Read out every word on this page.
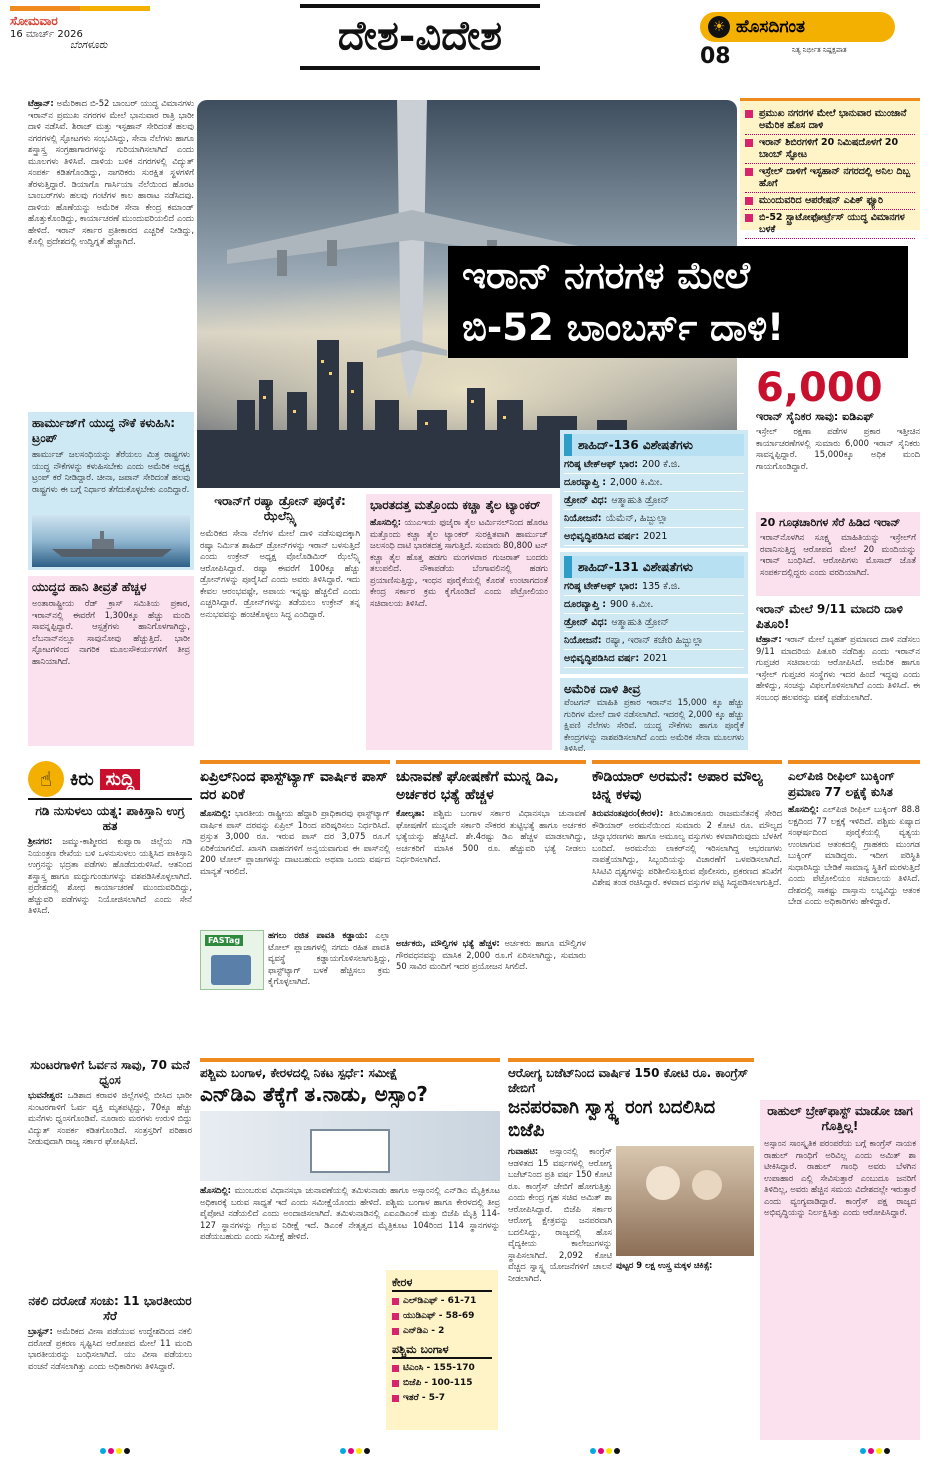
ಸೋಮವಾರ
16 ಮಾರ್ಚ್ 2026
ಬೆಂಗಳೂರು	ದೇಶ-ವಿದೇಶ	☀ ಹೊಸದಿಗಂತ
ನಿತ್ಯ ನಿರ್ಭೀತ ನಿಷ್ಪಕ್ಷಪಾತ
08
ಟೆಹ್ರಾನ್: ಅಮೆರಿಕಾದ ಬಿ-52 ಬಾಂಬರ್ ಯುದ್ಧ ವಿಮಾನಗಳು ಇರಾನ್‌ನ ಪ್ರಮುಖ ನಗರಗಳ ಮೇಲೆ ಭಾನುವಾರ ರಾತ್ರಿ ಭಾರೀ ದಾಳಿ ನಡೆಸಿವೆ. ಶಿರಾಜ್ ಮತ್ತು ಇಸ್ಫಹಾನ್ ಸೇರಿದಂತೆ ಹಲವು ನಗರಗಳಲ್ಲಿ ಸ್ಫೋಟಗಳು ಸಂಭವಿಸಿದ್ದು, ಸೇನಾ ನೆಲೆಗಳು ಹಾಗೂ ಶಸ್ತ್ರಾಸ್ತ್ರ ಸಂಗ್ರಹಾಗಾರಗಳನ್ನು ಗುರಿಯಾಗಿಸಲಾಗಿದೆ ಎಂದು ಮೂಲಗಳು ತಿಳಿಸಿವೆ. ದಾಳಿಯ ಬಳಿಕ ನಗರಗಳಲ್ಲಿ ವಿದ್ಯುತ್ ಸಂಪರ್ಕ ಕಡಿತಗೊಂಡಿದ್ದು, ನಾಗರಿಕರು ಸುರಕ್ಷಿತ ಸ್ಥಳಗಳಿಗೆ ತೆರಳುತ್ತಿದ್ದಾರೆ. ಡಿಯಾಗೊ ಗಾರ್ಸಿಯಾ ನೆಲೆಯಿಂದ ಹೊರಟ ಬಾಂಬರ್‌ಗಳು ಹಲವು ಗಂಟೆಗಳ ಕಾಲ ಹಾರಾಟ ನಡೆಸಿದವು. ದಾಳಿಯ ಹೊಣೆಯನ್ನು ಅಮೆರಿಕ ಸೇನಾ ಕೇಂದ್ರ ಕಮಾಂಡ್ ಹೊತ್ತುಕೊಂಡಿದ್ದು, ಕಾರ್ಯಾಚರಣೆ ಮುಂದುವರಿಯಲಿದೆ ಎಂದು ಹೇಳಿದೆ. ಇರಾನ್ ಸರ್ಕಾರ ಪ್ರತೀಕಾರದ ಎಚ್ಚರಿಕೆ ನೀಡಿದ್ದು, ಕೊಲ್ಲಿ ಪ್ರದೇಶದಲ್ಲಿ ಉದ್ವಿಗ್ನತೆ ಹೆಚ್ಚಾಗಿದೆ.
ಹಾರ್ಮುಜ್‌ಗೆ ಯುದ್ಧ ನೌಕೆ ಕಳುಹಿಸಿ: ಟ್ರಂಪ್
ಹಾರ್ಮುಜ್ ಜಲಸಂಧಿಯನ್ನು ತೆರೆಯಲು ಮಿತ್ರ ರಾಷ್ಟ್ರಗಳು ಯುದ್ಧ ನೌಕೆಗಳನ್ನು ಕಳುಹಿಸಬೇಕು ಎಂದು ಅಮೆರಿಕ ಅಧ್ಯಕ್ಷ ಟ್ರಂಪ್ ಕರೆ ನೀಡಿದ್ದಾರೆ. ಚೀನಾ, ಜಪಾನ್ ಸೇರಿದಂತೆ ಹಲವು ರಾಷ್ಟ್ರಗಳು ಈ ಬಗ್ಗೆ ನಿರ್ಧಾರ ತೆಗೆದುಕೊಳ್ಳಬೇಕು ಎಂದಿದ್ದಾರೆ.
ಯುದ್ಧದ ಹಾನಿ ತೀವ್ರತೆ ಹೆಚ್ಚಳ
ಅಂತಾರಾಷ್ಟ್ರೀಯ ರೆಡ್ ಕ್ರಾಸ್ ಸಮಿತಿಯ ಪ್ರಕಾರ, ಇರಾನ್‌ನಲ್ಲಿ ಈವರೆಗೆ 1,300ಕ್ಕೂ ಹೆಚ್ಚು ಮಂದಿ ಸಾವನ್ನಪ್ಪಿದ್ದಾರೆ. ಆಸ್ಪತ್ರೆಗಳು ಹಾನಿಗೊಳಗಾಗಿದ್ದು, ಲೆಬನಾನ್‌ನಲ್ಲೂ ಸಾವುನೋವು ಹೆಚ್ಚುತ್ತಿದೆ. ಭಾರೀ ಸ್ಫೋಟಗಳಿಂದ ನಾಗರಿಕ ಮೂಲಸೌಕರ್ಯಗಳಿಗೆ ತೀವ್ರ ಹಾನಿಯಾಗಿದೆ.
ಇರಾನ್ ನಗರಗಳ ಮೇಲೆ
ಬಿ-52 ಬಾಂಬರ್ಸ್ ದಾಳಿ!
ಪ್ರಮುಖ ನಗರಗಳ ಮೇಲೆ ಭಾನುವಾರ ಮುಂಜಾನೆ ಅಮೆರಿಕ ಹೊಸ ದಾಳಿ
ಇರಾನ್ ಶಿಬಿರಗಳಿಗೆ 20 ನಿಮಿಷದೊಳಗೆ 20 ಬಾಂಬ್ ಸ್ಫೋಟ
ಇಸ್ರೇಲ್ ದಾಳಿಗೆ ಇಸ್ಫಹಾನ್ ನಗರದಲ್ಲಿ ಅನಿಲ ದಿಬ್ಬ ಹೊಗೆ
ಮುಂದುವರಿದ ಆಪರೇಷನ್ ಎಪಿಕ್ ಫ್ಯೂರಿ
ಬಿ-52 ಸ್ಟ್ರಾಟೋಫೋರ್ಟ್ರೆಸ್ ಯುದ್ಧ ವಿಮಾನಗಳ ಬಳಕೆ
6,000
ಇರಾನ್ ಸೈನಿಕರ ಸಾವು: ಐಡಿಎಫ್
ಇಸ್ರೇಲ್ ರಕ್ಷಣಾ ಪಡೆಗಳ ಪ್ರಕಾರ ಇತ್ತೀಚಿನ ಕಾರ್ಯಾಚರಣೆಗಳಲ್ಲಿ ಸುಮಾರು 6,000 ಇರಾನ್ ಸೈನಿಕರು ಸಾವನ್ನಪ್ಪಿದ್ದಾರೆ. 15,000ಕ್ಕೂ ಅಧಿಕ ಮಂದಿ ಗಾಯಗೊಂಡಿದ್ದಾರೆ.
20 ಗೂಢಚಾರಿಗಳ ಸೆರೆ ಹಿಡಿದ ಇರಾನ್
ಇರಾನ್‌ನೊಳಗಿನ ಸೂಕ್ಷ್ಮ ಮಾಹಿತಿಯನ್ನು ಇಸ್ರೇಲ್‌ಗೆ ರವಾನಿಸುತ್ತಿದ್ದ ಆರೋಪದ ಮೇಲೆ 20 ಮಂದಿಯನ್ನು ಇರಾನ್ ಬಂಧಿಸಿದೆ. ಆರೋಪಿಗಳು ಮೊಸಾದ್ ಜೊತೆ ಸಂಪರ್ಕದಲ್ಲಿದ್ದರು ಎಂದು ವರದಿಯಾಗಿದೆ.
ಇರಾನ್ ಮೇಲೆ 9/11 ಮಾದರಿ ದಾಳಿ ಪಿತೂರಿ!
ಟೆಹ್ರಾನ್: ಇರಾನ್ ಮೇಲೆ ಬೃಹತ್ ಪ್ರಮಾಣದ ದಾಳಿ ನಡೆಸಲು 9/11 ಮಾದರಿಯ ಪಿತೂರಿ ನಡೆದಿತ್ತು ಎಂದು ಇರಾನ್‌ನ ಗುಪ್ತಚರ ಸಚಿವಾಲಯ ಆರೋಪಿಸಿದೆ. ಅಮೆರಿಕ ಹಾಗೂ ಇಸ್ರೇಲ್ ಗುಪ್ತಚರ ಸಂಸ್ಥೆಗಳು ಇದರ ಹಿಂದೆ ಇದ್ದವು ಎಂದು ಹೇಳಿದ್ದು, ಸಂಚನ್ನು ವಿಫಲಗೊಳಿಸಲಾಗಿದೆ ಎಂದು ತಿಳಿಸಿದೆ. ಈ ಸಂಬಂಧ ಹಲವರನ್ನು ವಶಕ್ಕೆ ಪಡೆಯಲಾಗಿದೆ.
ಇರಾನ್‌ಗೆ ರಷ್ಯಾ ಡ್ರೋನ್ ಪೂರೈಕೆ: ಝೆಲೆನ್ಸ್ಕಿ
ಅಮೆರಿಕದ ಸೇನಾ ನೆಲೆಗಳ ಮೇಲೆ ದಾಳಿ ನಡೆಸುವುದಕ್ಕಾಗಿ ರಷ್ಯಾ ನಿರ್ಮಿತ ಶಾಹಿದ್ ಡ್ರೋನ್‌ಗಳನ್ನು ಇರಾನ್ ಬಳಸುತ್ತಿದೆ ಎಂದು ಉಕ್ರೇನ್ ಅಧ್ಯಕ್ಷ ವೊಲೊಡಿಮಿರ್ ಝೆಲೆನ್ಸ್ಕಿ ಆರೋಪಿಸಿದ್ದಾರೆ. ರಷ್ಯಾ ಈವರೆಗೆ 100ಕ್ಕೂ ಹೆಚ್ಚು ಡ್ರೋನ್‌ಗಳನ್ನು ಪೂರೈಸಿದೆ ಎಂದು ಅವರು ತಿಳಿಸಿದ್ದಾರೆ. ಇದು ಕೇವಲ ಆರಂಭವಷ್ಟೇ, ಅಪಾಯ ಇನ್ನಷ್ಟು ಹೆಚ್ಚಲಿದೆ ಎಂದು ಎಚ್ಚರಿಸಿದ್ದಾರೆ. ಡ್ರೋನ್‌ಗಳನ್ನು ತಡೆಯಲು ಉಕ್ರೇನ್ ತನ್ನ ಅನುಭವವನ್ನು ಹಂಚಿಕೊಳ್ಳಲು ಸಿದ್ಧ ಎಂದಿದ್ದಾರೆ.
ಭಾರತದತ್ತ ಮತ್ತೊಂದು ಕಚ್ಚಾ ತೈಲ ಟ್ಯಾಂಕರ್
ಹೊಸದಿಲ್ಲಿ: ಯುಎಇಯ ಫುಜೈರಾ ತೈಲ ಟರ್ಮಿನಲ್‌ನಿಂದ ಹೊರಟ ಮತ್ತೊಂದು ಕಚ್ಚಾ ತೈಲ ಟ್ಯಾಂಕರ್ ಸುರಕ್ಷಿತವಾಗಿ ಹಾರ್ಮುಜ್ ಜಲಸಂಧಿ ದಾಟಿ ಭಾರತದತ್ತ ಸಾಗುತ್ತಿದೆ. ಸುಮಾರು 80,800 ಟನ್ ಕಚ್ಚಾ ತೈಲ ಹೊತ್ತ ಹಡಗು ಮಂಗಳವಾರ ಗುಜರಾತ್ ಬಂದರು ತಲುಪಲಿದೆ. ನೌಕಾಪಡೆಯ ಬೆಂಗಾವಲಿನಲ್ಲಿ ಹಡಗು ಪ್ರಯಾಣಿಸುತ್ತಿದ್ದು, ಇಂಧನ ಪೂರೈಕೆಯಲ್ಲಿ ಕೊರತೆ ಉಂಟಾಗದಂತೆ ಕೇಂದ್ರ ಸರ್ಕಾರ ಕ್ರಮ ಕೈಗೊಂಡಿದೆ ಎಂದು ಪೆಟ್ರೋಲಿಯಂ ಸಚಿವಾಲಯ ತಿಳಿಸಿದೆ.
ಶಾಹಿದ್-136 ವಿಶೇಷತೆಗಳು
ಗರಿಷ್ಠ ಟೇಕ್‌ಆಫ್ ಭಾರ: 200 ಕೆ.ಜಿ.
ದೂರವ್ಯಾಪ್ತಿ : 2,000 ಕಿ.ಮೀ.
ಡ್ರೋನ್ ವಿಧ: ಆತ್ಮಾಹುತಿ ಡ್ರೋನ್
ನಿಯೋಜನೆ: ಯೆಮೆನ್, ಹಿಜ್ಬುಲ್ಲಾ
ಅಭಿವೃದ್ಧಿಪಡಿಸಿದ ವರ್ಷ: 2021
ಶಾಹಿದ್-131 ವಿಶೇಷತೆಗಳು
ಗರಿಷ್ಠ ಟೇಕ್‌ಆಫ್ ಭಾರ: 135 ಕೆ.ಜಿ.
ದೂರವ್ಯಾಪ್ತಿ : 900 ಕಿ.ಮೀ.
ಡ್ರೋನ್ ವಿಧ: ಆತ್ಮಾಹುತಿ ಡ್ರೋನ್
ನಿಯೋಜನೆ: ರಷ್ಯಾ, ಇರಾನ್ ಕಚೇರಿ ಹಿಜ್ಬುಲ್ಲಾ
ಅಭಿವೃದ್ಧಿಪಡಿಸಿದ ವರ್ಷ: 2021
ಅಮೆರಿಕ ದಾಳಿ ತೀವ್ರ
ಪೆಂಟಗನ್ ಮಾಹಿತಿ ಪ್ರಕಾರ ಇರಾನ್‌ನ 15,000 ಕ್ಕೂ ಹೆಚ್ಚು ಗುರಿಗಳ ಮೇಲೆ ದಾಳಿ ನಡೆಸಲಾಗಿದೆ. ಇದರಲ್ಲಿ 2,000 ಕ್ಕೂ ಹೆಚ್ಚು ಕ್ಷಿಪಣಿ ನೆಲೆಗಳು ಸೇರಿವೆ. ಯುದ್ಧ ನೌಕೆಗಳು ಹಾಗೂ ಪೂರೈಕೆ ಕೇಂದ್ರಗಳನ್ನು ನಾಶಪಡಿಸಲಾಗಿದೆ ಎಂದು ಅಮೆರಿಕ ಸೇನಾ ಮೂಲಗಳು ತಿಳಿಸಿವೆ.
☝ ಕಿರು ಸುದ್ದಿ
ಗಡಿ ನುಸುಳಲು ಯತ್ನ: ಪಾಕಿಸ್ತಾನಿ ಉಗ್ರ ಹತ
ಶ್ರೀನಗರ: ಜಮ್ಮು-ಕಾಶ್ಮೀರದ ಕುಪ್ವಾರಾ ಜಿಲ್ಲೆಯ ಗಡಿ ನಿಯಂತ್ರಣ ರೇಖೆಯ ಬಳಿ ಒಳನುಸುಳಲು ಯತ್ನಿಸಿದ ಪಾಕಿಸ್ತಾನಿ ಉಗ್ರನನ್ನು ಭದ್ರತಾ ಪಡೆಗಳು ಹೊಡೆದುರುಳಿಸಿವೆ. ಆತನಿಂದ ಶಸ್ತ್ರಾಸ್ತ್ರ ಹಾಗೂ ಮದ್ದುಗುಂಡುಗಳನ್ನು ವಶಪಡಿಸಿಕೊಳ್ಳಲಾಗಿದೆ. ಪ್ರದೇಶದಲ್ಲಿ ಶೋಧ ಕಾರ್ಯಾಚರಣೆ ಮುಂದುವರಿದಿದ್ದು, ಹೆಚ್ಚುವರಿ ಪಡೆಗಳನ್ನು ನಿಯೋಜಿಸಲಾಗಿದೆ ಎಂದು ಸೇನೆ ತಿಳಿಸಿದೆ.
ಸುಂಟರಗಾಳಿಗೆ ಓರ್ವನ ಸಾವು, 70 ಮನೆ ಧ್ವಂಸ
ಭುವನೇಶ್ವರ: ಒಡಿಶಾದ ಕರಾವಳಿ ಜಿಲ್ಲೆಗಳಲ್ಲಿ ಬೀಸಿದ ಭಾರೀ ಸುಂಟರಗಾಳಿಗೆ ಓರ್ವ ವ್ಯಕ್ತಿ ಮೃತಪಟ್ಟಿದ್ದು, 70ಕ್ಕೂ ಹೆಚ್ಚು ಮನೆಗಳು ಧ್ವಂಸಗೊಂಡಿವೆ. ನೂರಾರು ಮರಗಳು ಉರುಳಿ ಬಿದ್ದು ವಿದ್ಯುತ್ ಸಂಪರ್ಕ ಕಡಿತಗೊಂಡಿದೆ. ಸಂತ್ರಸ್ತರಿಗೆ ಪರಿಹಾರ ನೀಡುವುದಾಗಿ ರಾಜ್ಯ ಸರ್ಕಾರ ಘೋಷಿಸಿದೆ.
ನಕಲಿ ದರೋಡೆ ಸಂಚು: 11 ಭಾರತೀಯರ ಸೆರೆ
ಬ್ರಾಸ್ಟನ್: ಅಮೆರಿಕದ ವೀಸಾ ಪಡೆಯುವ ಉದ್ದೇಶದಿಂದ ನಕಲಿ ದರೋಡೆ ಪ್ರಕರಣ ಸೃಷ್ಟಿಸಿದ ಆರೋಪದ ಮೇಲೆ 11 ಮಂದಿ ಭಾರತೀಯರನ್ನು ಬಂಧಿಸಲಾಗಿದೆ. ಯು ವೀಸಾ ಪಡೆಯಲು ವಂಚನೆ ನಡೆಸಲಾಗಿತ್ತು ಎಂದು ಅಧಿಕಾರಿಗಳು ತಿಳಿಸಿದ್ದಾರೆ.
ಏಪ್ರಿಲ್‌ನಿಂದ ಫಾಸ್ಟ್‌ಟ್ಯಾಗ್ ವಾರ್ಷಿಕ ಪಾಸ್ ದರ ಏರಿಕೆ
ಹೊಸದಿಲ್ಲಿ: ಭಾರತೀಯ ರಾಷ್ಟ್ರೀಯ ಹೆದ್ದಾರಿ ಪ್ರಾಧಿಕಾರವು ಫಾಸ್ಟ್‌ಟ್ಯಾಗ್ ವಾರ್ಷಿಕ ಪಾಸ್ ದರವನ್ನು ಏಪ್ರಿಲ್ 1ರಿಂದ ಪರಿಷ್ಕರಿಸಲು ನಿರ್ಧರಿಸಿದೆ. ಪ್ರಸ್ತುತ 3,000 ರೂ. ಇರುವ ಪಾಸ್ ದರ 3,075 ರೂ.ಗೆ ಏರಿಕೆಯಾಗಲಿದೆ. ಖಾಸಗಿ ವಾಹನಗಳಿಗೆ ಅನ್ವಯವಾಗುವ ಈ ಪಾಸ್‌ನಲ್ಲಿ 200 ಟೋಲ್ ಪ್ಲಾಜಾಗಳನ್ನು ದಾಟಬಹುದು ಅಥವಾ ಒಂದು ವರ್ಷದ ಮಾನ್ಯತೆ ಇರಲಿದೆ.
FASTag
ಹಗಲು ರಜಿತ ಪಾವತಿ ಕಡ್ಡಾಯ: ಎಲ್ಲಾ ಟೋಲ್ ಪ್ಲಾಜಾಗಳಲ್ಲಿ ನಗದು ರಹಿತ ಪಾವತಿ ವ್ಯವಸ್ಥೆ ಕಡ್ಡಾಯಗೊಳಿಸಲಾಗುತ್ತಿದ್ದು, ಫಾಸ್ಟ್‌ಟ್ಯಾಗ್ ಬಳಕೆ ಹೆಚ್ಚಿಸಲು ಕ್ರಮ ಕೈಗೊಳ್ಳಲಾಗಿದೆ.
ಚುನಾವಣೆ ಘೋಷಣೆಗೆ ಮುನ್ನ ಡಿಎ, ಅರ್ಚಕರ ಭತ್ಯೆ ಹೆಚ್ಚಳ
ಕೋಲ್ಕತಾ: ಪಶ್ಚಿಮ ಬಂಗಾಳ ಸರ್ಕಾರ ವಿಧಾನಸಭಾ ಚುನಾವಣೆ ಘೋಷಣೆಗೆ ಮುನ್ನವೇ ಸರ್ಕಾರಿ ನೌಕರರ ತುಟ್ಟಿಭತ್ಯೆ ಹಾಗೂ ಅರ್ಚಕರ ಭತ್ಯೆಯನ್ನು ಹೆಚ್ಚಿಸಿದೆ. ಶೇ.4ರಷ್ಟು ಡಿಎ ಹೆಚ್ಚಳ ಮಾಡಲಾಗಿದ್ದು, ಅರ್ಚಕರಿಗೆ ಮಾಸಿಕ 500 ರೂ. ಹೆಚ್ಚುವರಿ ಭತ್ಯೆ ನೀಡಲು ನಿರ್ಧರಿಸಲಾಗಿದೆ.
ಅರ್ಚಕರು, ಮೌಲ್ವಿಗಳ ಭತ್ಯೆ ಹೆಚ್ಚಳ: ಅರ್ಚಕರು ಹಾಗೂ ಮೌಲ್ವಿಗಳ ಗೌರವಧನವನ್ನು ಮಾಸಿಕ 2,000 ರೂ.ಗೆ ಏರಿಸಲಾಗಿದ್ದು, ಸುಮಾರು 50 ಸಾವಿರ ಮಂದಿಗೆ ಇದರ ಪ್ರಯೋಜನ ಸಿಗಲಿದೆ.
ಕೌಡಿಯಾರ್ ಅರಮನೆ: ಅಪಾರ ಮೌಲ್ಯ ಚಿನ್ನ ಕಳವು
ತಿರುವನಂತಪುರಂ(ಕೇರಳ): ತಿರುವಿತಾಂಕೂರು ರಾಜಮನೆತನಕ್ಕೆ ಸೇರಿದ ಕೌಡಿಯಾರ್ ಅರಮನೆಯಿಂದ ಸುಮಾರು 2 ಕೋಟಿ ರೂ. ಮೌಲ್ಯದ ಚಿನ್ನಾಭರಣಗಳು ಹಾಗೂ ಅಮೂಲ್ಯ ವಸ್ತುಗಳು ಕಳವಾಗಿರುವುದು ಬೆಳಕಿಗೆ ಬಂದಿದೆ. ಅರಮನೆಯ ಲಾಕರ್‌ನಲ್ಲಿ ಇರಿಸಲಾಗಿದ್ದ ಆಭರಣಗಳು ನಾಪತ್ತೆಯಾಗಿದ್ದು, ಸಿಬ್ಬಂದಿಯನ್ನು ವಿಚಾರಣೆಗೆ ಒಳಪಡಿಸಲಾಗಿದೆ. ಸಿಸಿಟಿವಿ ದೃಶ್ಯಗಳನ್ನು ಪರಿಶೀಲಿಸುತ್ತಿರುವ ಪೊಲೀಸರು, ಪ್ರಕರಣದ ತನಿಖೆಗೆ ವಿಶೇಷ ತಂಡ ರಚಿಸಿದ್ದಾರೆ. ಕಳವಾದ ವಸ್ತುಗಳ ಪಟ್ಟಿ ಸಿದ್ಧಪಡಿಸಲಾಗುತ್ತಿದೆ.
ಎಲ್‌ಪಿಜಿ ರೀಫಿಲ್ ಬುಕ್ಕಿಂಗ್ ಪ್ರಮಾಣ 77 ಲಕ್ಷಕ್ಕೆ ಕುಸಿತ
ಹೊಸದಿಲ್ಲಿ: ಎಲ್‌ಪಿಜಿ ರೀಫಿಲ್ ಬುಕ್ಕಿಂಗ್ 88.8 ಲಕ್ಷದಿಂದ 77 ಲಕ್ಷಕ್ಕೆ ಇಳಿದಿದೆ. ಪಶ್ಚಿಮ ಏಷ್ಯಾದ ಸಂಘರ್ಷದಿಂದ ಪೂರೈಕೆಯಲ್ಲಿ ವ್ಯತ್ಯಯ ಉಂಟಾಗುವ ಆತಂಕದಲ್ಲಿ ಗ್ರಾಹಕರು ಮುಂಗಡ ಬುಕ್ಕಿಂಗ್ ಮಾಡಿದ್ದರು. ಇದೀಗ ಪರಿಸ್ಥಿತಿ ಸುಧಾರಿಸಿದ್ದು ಬೇಡಿಕೆ ಸಾಮಾನ್ಯ ಸ್ಥಿತಿಗೆ ಮರಳುತ್ತಿದೆ ಎಂದು ಪೆಟ್ರೋಲಿಯಂ ಸಚಿವಾಲಯ ತಿಳಿಸಿದೆ. ದೇಶದಲ್ಲಿ ಸಾಕಷ್ಟು ದಾಸ್ತಾನು ಲಭ್ಯವಿದ್ದು ಆತಂಕ ಬೇಡ ಎಂದು ಅಧಿಕಾರಿಗಳು ಹೇಳಿದ್ದಾರೆ.
ಪಶ್ಚಿಮ ಬಂಗಾಳ, ಕೇರಳದಲ್ಲಿ ನಿಕಟ ಸ್ಪರ್ಧೆ: ಸಮೀಕ್ಷೆ
ಎನ್‌ಡಿಎ ತೆಕ್ಕೆಗೆ ತ.ನಾಡು, ಅಸ್ಸಾಂ?
ಹೊಸದಿಲ್ಲಿ: ಮುಂಬರುವ ವಿಧಾನಸಭಾ ಚುನಾವಣೆಯಲ್ಲಿ ತಮಿಳುನಾಡು ಹಾಗೂ ಅಸ್ಸಾಂನಲ್ಲಿ ಎನ್‌ಡಿಎ ಮೈತ್ರಿಕೂಟ ಅಧಿಕಾರಕ್ಕೆ ಬರುವ ಸಾಧ್ಯತೆ ಇದೆ ಎಂದು ಸಮೀಕ್ಷೆಯೊಂದು ಹೇಳಿದೆ. ಪಶ್ಚಿಮ ಬಂಗಾಳ ಹಾಗೂ ಕೇರಳದಲ್ಲಿ ತೀವ್ರ ಪೈಪೋಟಿ ನಡೆಯಲಿದೆ ಎಂದು ಅಂದಾಜಿಸಲಾಗಿದೆ. ತಮಿಳುನಾಡಿನಲ್ಲಿ ಎಐಎಡಿಎಂಕೆ ಮತ್ತು ಬಿಜೆಪಿ ಮೈತ್ರಿ 114-127 ಸ್ಥಾನಗಳನ್ನು ಗೆಲ್ಲುವ ನಿರೀಕ್ಷೆ ಇದೆ. ಡಿಎಂಕೆ ನೇತೃತ್ವದ ಮೈತ್ರಿಕೂಟ 104ರಿಂದ 114 ಸ್ಥಾನಗಳನ್ನು ಪಡೆಯಬಹುದು ಎಂದು ಸಮೀಕ್ಷೆ ಹೇಳಿದೆ.
ಕೇರಳ
ಎಲ್‌ಡಿಎಫ್ - 61-71
ಯುಡಿಎಫ್ - 58-69
ಎನ್‌ಡಿಎ - 2
ಪಶ್ಚಿಮ ಬಂಗಾಳ
ಟಿಎಂಸಿ - 155-170
ಬಿಜೆಪಿ - 100-115
ಇತರೆ - 5-7
ಆರೋಗ್ಯ ಬಜೆಟ್‌ನಿಂದ ವಾರ್ಷಿಕ 150 ಕೋಟಿ ರೂ. ಕಾಂಗ್ರೆಸ್ ಜೇಬಿಗೆ
ಜನಪರವಾಗಿ ಸ್ವಾಸ್ಥ್ಯ ರಂಗ ಬದಲಿಸಿದ ಬಿಜೆಪಿ
ಗುವಾಹಟಿ: ಅಸ್ಸಾಂನಲ್ಲಿ ಕಾಂಗ್ರೆಸ್ ಆಡಳಿತದ 15 ವರ್ಷಗಳಲ್ಲಿ ಆರೋಗ್ಯ ಬಜೆಟ್‌ನಿಂದ ಪ್ರತಿ ವರ್ಷ 150 ಕೋಟಿ ರೂ. ಕಾಂಗ್ರೆಸ್ ಜೇಬಿಗೆ ಹೋಗುತ್ತಿತ್ತು ಎಂದು ಕೇಂದ್ರ ಗೃಹ ಸಚಿವ ಅಮಿತ್ ಶಾ ಆರೋಪಿಸಿದ್ದಾರೆ. ಬಿಜೆಪಿ ಸರ್ಕಾರ ಆರೋಗ್ಯ ಕ್ಷೇತ್ರವನ್ನು ಜನಪರವಾಗಿ ಬದಲಿಸಿದ್ದು, ರಾಜ್ಯದಲ್ಲಿ ಹೊಸ ವೈದ್ಯಕೀಯ ಕಾಲೇಜುಗಳನ್ನು ಸ್ಥಾಪಿಸಲಾಗಿದೆ. 2,092 ಕೋಟಿ ವೆಚ್ಚದ ಸ್ವಾಸ್ಥ್ಯ ಯೋಜನೆಗಳಿಗೆ ಚಾಲನೆ ನೀಡಲಾಗಿದೆ.
ಪುಟ್ಟರ 9 ಲಕ್ಷ ಉಸ್ತ್ರ ಮಕ್ಕಳ ಚಿಕಿತ್ಸೆ:
ರಾಹುಲ್ ಬ್ರೇಕ್‌ಫಾಸ್ಟ್ ಮಾಡೋ ಜಾಗ ಗೊತ್ತಿಲ್ಲ!
ಅಸ್ಸಾಂನ ಸಾಂಸ್ಕೃತಿಕ ಪರಂಪರೆಯ ಬಗ್ಗೆ ಕಾಂಗ್ರೆಸ್ ನಾಯಕ ರಾಹುಲ್ ಗಾಂಧಿಗೆ ಅರಿವಿಲ್ಲ ಎಂದು ಅಮಿತ್ ಶಾ ಟೀಕಿಸಿದ್ದಾರೆ. ರಾಹುಲ್ ಗಾಂಧಿ ಅವರು ಬೆಳಗಿನ ಉಪಾಹಾರ ಎಲ್ಲಿ ಸೇವಿಸುತ್ತಾರೆ ಎಂಬುದೂ ಜನರಿಗೆ ತಿಳಿದಿಲ್ಲ, ಅವರು ಹೆಚ್ಚಿನ ಸಮಯ ವಿದೇಶದಲ್ಲೇ ಇರುತ್ತಾರೆ ಎಂದು ವ್ಯಂಗ್ಯವಾಡಿದ್ದಾರೆ. ಕಾಂಗ್ರೆಸ್ ಪಕ್ಷ ರಾಜ್ಯದ ಅಭಿವೃದ್ಧಿಯನ್ನು ನಿರ್ಲಕ್ಷಿಸಿತ್ತು ಎಂದು ಆರೋಪಿಸಿದ್ದಾರೆ.
